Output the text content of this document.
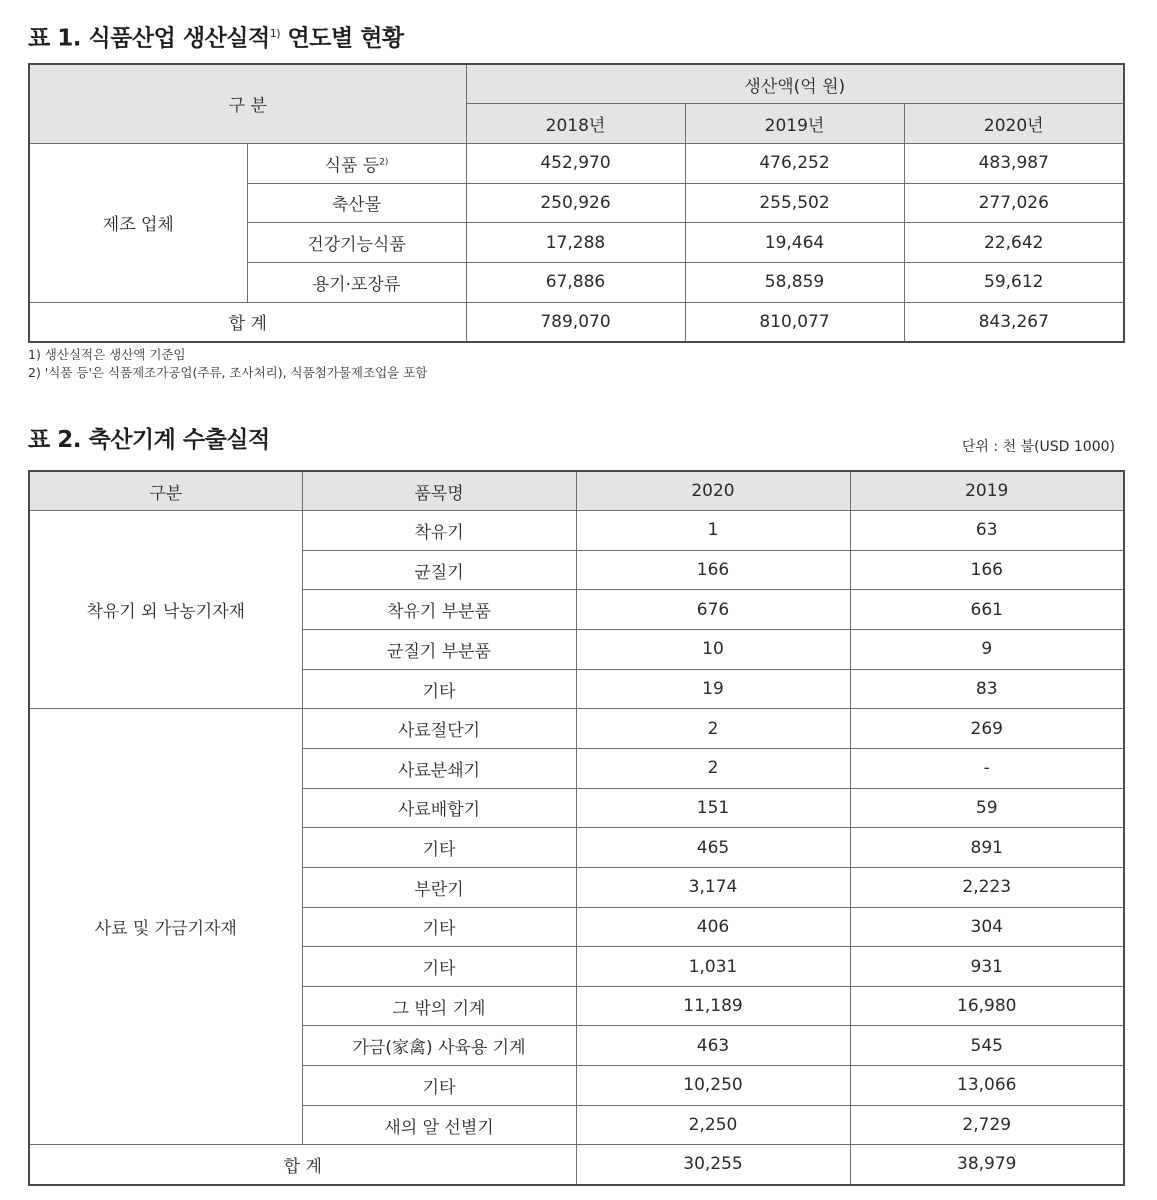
표 1. 식품산업 생산실적$^{1)}$ 연도별 현황
구 분		생산액(억 원)		
		2018년	2019년	2020년
제조 업체	식품 등$^{2)}$	452,970	476,252	483,987
	축산물	250,926	255,502	277,026
	건강기능식품	17,288	19,464	22,642
	용기·포장류	67,886	58,859	59,612
합 계		789,070	810,077	843,267
1) 생산실적은 생산액 기준임
2) '식품 등'은 식품제조가공업(주류, 조사처리), 식품첨가물제조업을 포함
표 2. 축산기계 수출실적	단위 : 천 불(USD 1000)
구분	품목명	2020	2019
착유기 외 낙농기자재	착유기	1	63
	균질기	166	166
	착유기 부분품	676	661
	균질기 부분품	10	9
	기타	19	83
사료 및 가금기자재	사료절단기	2	269
	사료분쇄기	2	-
	사료배합기	151	59
	기타	465	891
	부란기	3,174	2,223
	기타	406	304
	기타	1,031	931
	그 밖의 기계	11,189	16,980
	가금(家禽) 사육용 기계	463	545
	기타	10,250	13,066
	새의 알 선별기	2,250	2,729
합 계		30,255	38,979
